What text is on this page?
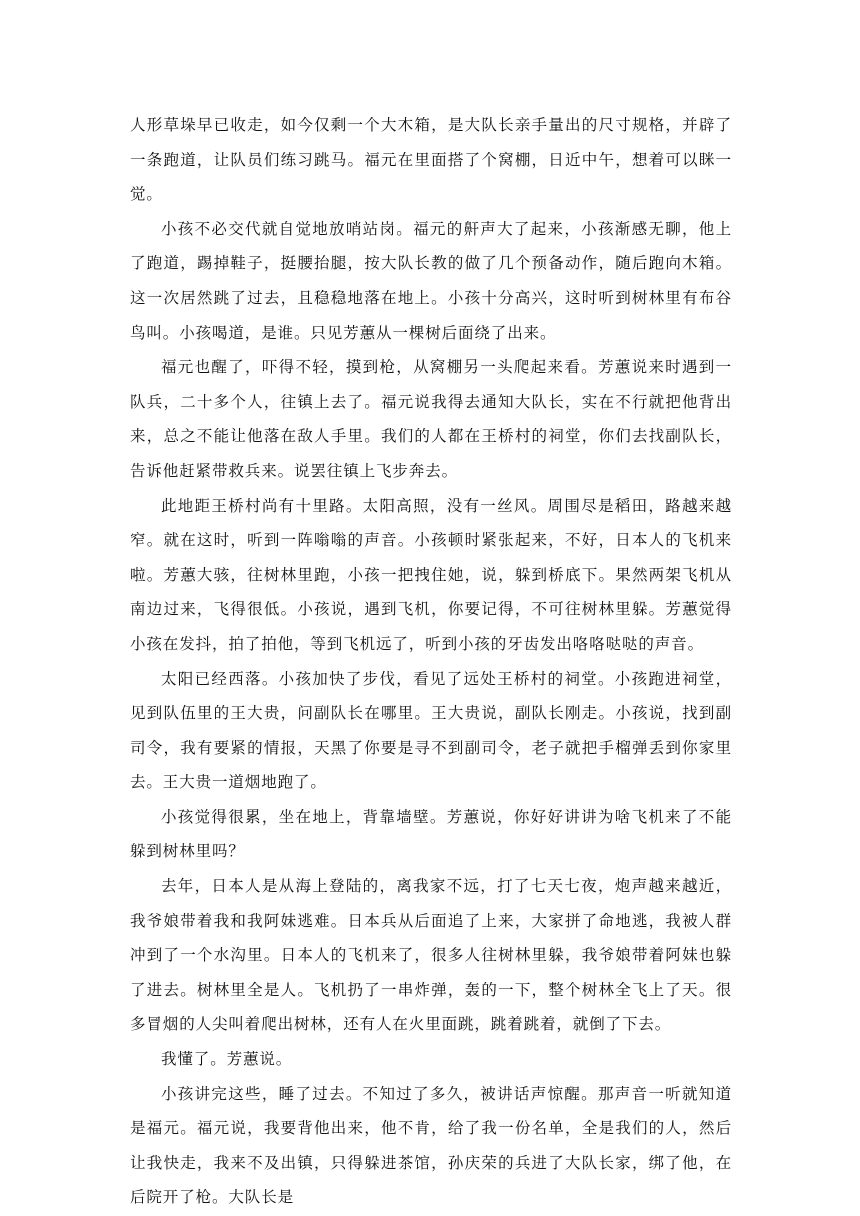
人形草垛早已收走，如今仅剩一个大木箱，是大队长亲手量出的尺寸规格，并辟了一条跑道，让队员们练习跳马。福元在里面搭了个窝棚，日近中午，想着可以眯一觉。

小孩不必交代就自觉地放哨站岗。福元的鼾声大了起来，小孩渐感无聊，他上了跑道，踢掉鞋子，挺腰抬腿，按大队长教的做了几个预备动作，随后跑向木箱。这一次居然跳了过去，且稳稳地落在地上。小孩十分高兴，这时听到树林里有布谷鸟叫。小孩喝道，是谁。只见芳蕙从一棵树后面绕了出来。

福元也醒了，吓得不轻，摸到枪，从窝棚另一头爬起来看。芳蕙说来时遇到一队兵，二十多个人，往镇上去了。福元说我得去通知大队长，实在不行就把他背出来，总之不能让他落在敌人手里。我们的人都在王桥村的祠堂，你们去找副队长，告诉他赶紧带救兵来。说罢往镇上飞步奔去。

此地距王桥村尚有十里路。太阳高照，没有一丝风。周围尽是稻田，路越来越窄。就在这时，听到一阵嗡嗡的声音。小孩顿时紧张起来，不好，日本人的飞机来啦。芳蕙大骇，往树林里跑，小孩一把拽住她，说，躲到桥底下。果然两架飞机从南边过来，飞得很低。小孩说，遇到飞机，你要记得，不可往树林里躲。芳蕙觉得小孩在发抖，拍了拍他，等到飞机远了，听到小孩的牙齿发出咯咯哒哒的声音。

太阳已经西落。小孩加快了步伐，看见了远处王桥村的祠堂。小孩跑进祠堂，见到队伍里的王大贵，问副队长在哪里。王大贵说，副队长刚走。小孩说，找到副司令，我有要紧的情报，天黑了你要是寻不到副司令，老子就把手榴弹丢到你家里去。王大贵一道烟地跑了。

小孩觉得很累，坐在地上，背靠墙壁。芳蕙说，你好好讲讲为啥飞机来了不能躲到树林里吗？

去年，日本人是从海上登陆的，离我家不远，打了七天七夜，炮声越来越近，我爷娘带着我和我阿妹逃难。日本兵从后面追了上来，大家拼了命地逃，我被人群冲到了一个水沟里。日本人的飞机来了，很多人往树林里躲，我爷娘带着阿妹也躲了进去。树林里全是人。飞机扔了一串炸弹，轰的一下，整个树林全飞上了天。很多冒烟的人尖叫着爬出树林，还有人在火里面跳，跳着跳着，就倒了下去。

我懂了。芳蕙说。

小孩讲完这些，睡了过去。不知过了多久，被讲话声惊醒。那声音一听就知道是福元。福元说，我要背他出来，他不肯，给了我一份名单，全是我们的人，然后让我快走，我来不及出镇，只得躲进茶馆，孙庆荣的兵进了大队长家，绑了他，在后院开了枪。大队长是
